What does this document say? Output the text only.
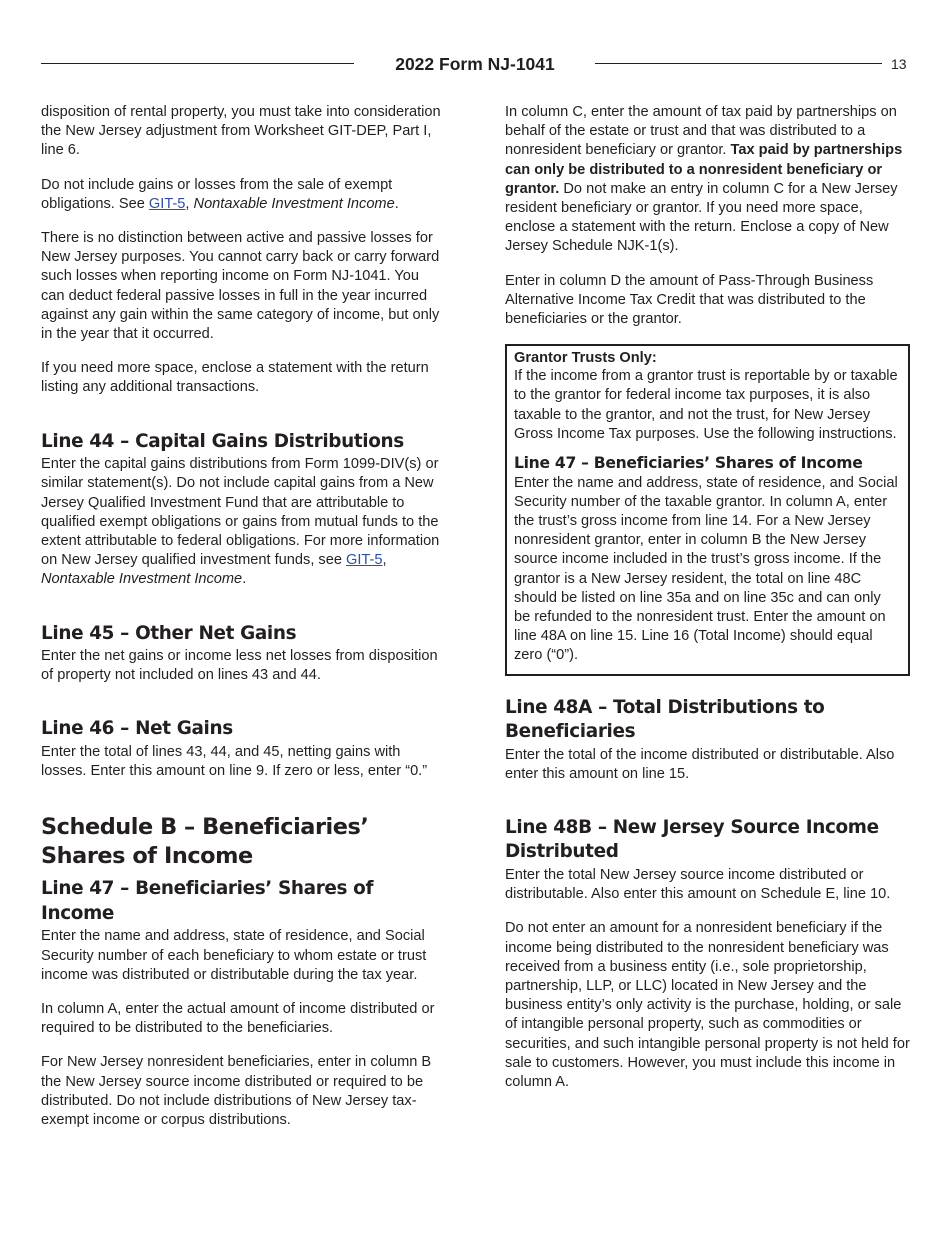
2022 Form NJ-1041	13

disposition of rental property, you must take into consideration the New Jersey adjustment from Worksheet GIT-DEP, Part I, line 6.

Do not include gains or losses from the sale of exempt obligations. See GIT-5, Nontaxable Investment Income.

There is no distinction between active and passive losses for New Jersey purposes. You cannot carry back or carry forward such losses when reporting income on Form NJ-1041. You can deduct federal passive losses in full in the year incurred against any gain within the same category of income, but only in the year that it occurred.

If you need more space, enclose a statement with the return listing any additional transactions.

Line 44 – Capital Gains Distributions

Enter the capital gains distributions from Form 1099-DIV(s) or similar statement(s). Do not include capital gains from a New Jersey Qualified Investment Fund that are attributable to qualified exempt obligations or gains from mutual funds to the extent attributable to federal obligations. For more information on New Jersey qualified investment funds, see GIT-5, Nontaxable Investment Income.

Line 45 – Other Net Gains

Enter the net gains or income less net losses from disposition of property not included on lines 43 and 44.

Line 46 – Net Gains

Enter the total of lines 43, 44, and 45, netting gains with losses. Enter this amount on line 9. If zero or less, enter “0.”

Schedule B – Beneficiaries’ Shares of Income
Line 47 – Beneficiaries’ Shares of Income

Enter the name and address, state of residence, and Social Security number of each beneficiary to whom estate or trust income was distributed or distributable during the tax year.

In column A, enter the actual amount of income distributed or required to be distributed to the beneficiaries.

For New Jersey nonresident beneficiaries, enter in column B the New Jersey source income distributed or required to be distributed. Do not include distributions of New Jersey tax-exempt income or corpus distributions.

In column C, enter the amount of tax paid by partnerships on behalf of the estate or trust and that was distributed to a nonresident beneficiary or grantor. Tax paid by partnerships can only be distributed to a nonresident beneficiary or grantor. Do not make an entry in column C for a New Jersey resident beneficiary or grantor. If you need more space, enclose a statement with the return. Enclose a copy of New Jersey Schedule NJK-1(s).

Enter in column D the amount of Pass-Through Business Alternative Income Tax Credit that was distributed to the beneficiaries or the grantor.

Grantor Trusts Only:

If the income from a grantor trust is reportable by or taxable to the grantor for federal income tax purposes, it is also taxable to the grantor, and not the trust, for New Jersey Gross Income Tax purposes. Use the following instructions.

Line 47 – Beneficiaries’ Shares of Income

Enter the name and address, state of residence, and Social Security number of the taxable grantor. In column A, enter the trust’s gross income from line 14. For a New Jersey nonresident grantor, enter in column B the New Jersey source income included in the trust’s gross income. If the grantor is a New Jersey resident, the total on line 48C should be listed on line 35a and on line 35c and can only be refunded to the nonresident trust. Enter the amount on line 48A on line 15. Line 16 (Total Income) should equal zero (“0”).

Line 48A – Total Distributions to Beneficiaries

Enter the total of the income distributed or distributable. Also enter this amount on line 15.

Line 48B – New Jersey Source Income Distributed

Enter the total New Jersey source income distributed or distributable. Also enter this amount on Schedule E, line 10.

Do not enter an amount for a nonresident beneficiary if the income being distributed to the nonresident beneficiary was received from a business entity (i.e., sole proprietorship, partnership, LLP, or LLC) located in New Jersey and the business entity’s only activity is the purchase, holding, or sale of intangible personal property, such as commodities or securities, and such intangible personal property is not held for sale to customers. However, you must include this income in column A.
